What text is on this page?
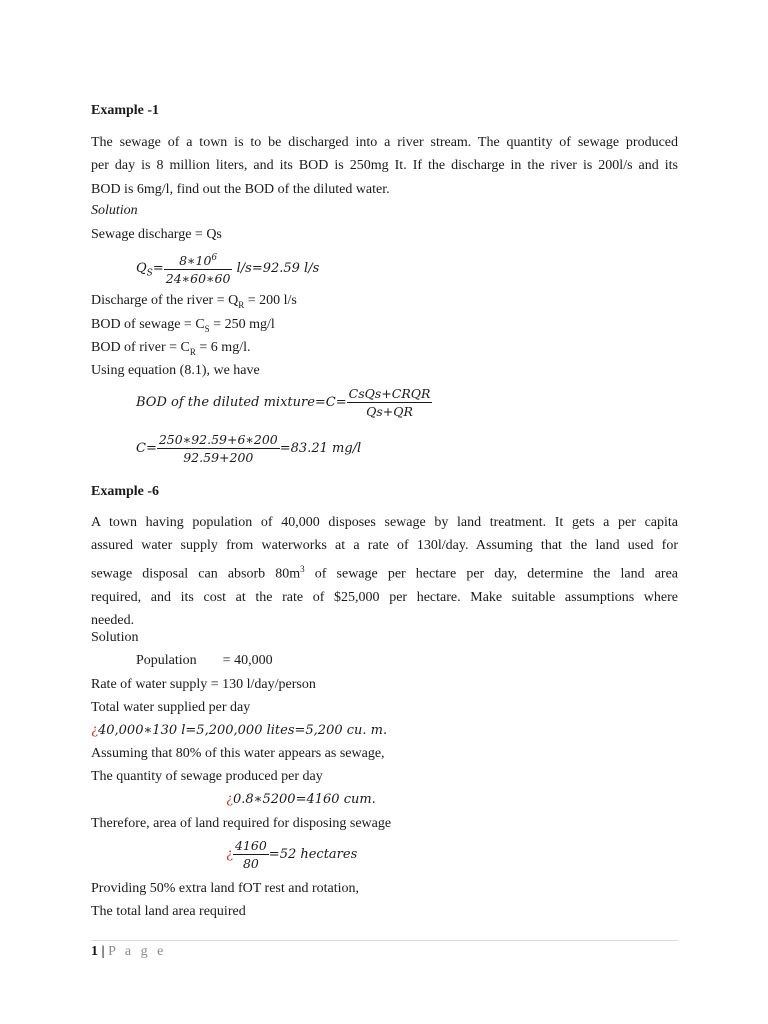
Example -1
The sewage of a town is to be discharged into a river stream. The quantity of sewage produced
per day is 8 million liters, and its BOD is 250mg It. If the discharge in the river is 200l/s and its
BOD is 6mg/l, find out the BOD of the diluted water.
Solution
Sewage discharge = Qs
$Q_S= \frac{8∗10^6}{24∗60∗60} l/s=92.59$ l/s
Discharge of the river = $Q_R = 200$ l/s
BOD of sewage = $C_S = 250$ mg/l
BOD of river = $C_R = 6$ mg/l.
Using equation (8.1), we have
BOD of the diluted mixture=C= $\frac{\text{CsQs+CRQR}}{Qs+QR}$
$C= \frac{250∗92.59+6∗200}{92.59+200} =83.21$ mg/l
Example -6
A town having population of 40,000 disposes sewage by land treatment. It gets a per capita
assured water supply from waterworks at a rate of 130l/day. Assuming that the land used for
sewage disposal can absorb $80m^3$ of sewage per hectare per day, determine the land area
required, and its cost at the rate of $25,000 per hectare. Make suitable assumptions where
needed.
Solution
Population = 40,000
Rate of water supply = 130 l/day/person
Total water supplied per day
¿40,000∗130 l=5,200,000 lites=5,200 cu. m.
Assuming that 80% of this water appears as sewage,
The quantity of sewage produced per day
¿0.8∗5200=4160 cum.
Therefore, area of land required for disposing sewage
¿ $\frac{4160}{80} =52$ hectares
Providing 50% extra land fOT rest and rotation,
The total land area required
1 | P a g e
